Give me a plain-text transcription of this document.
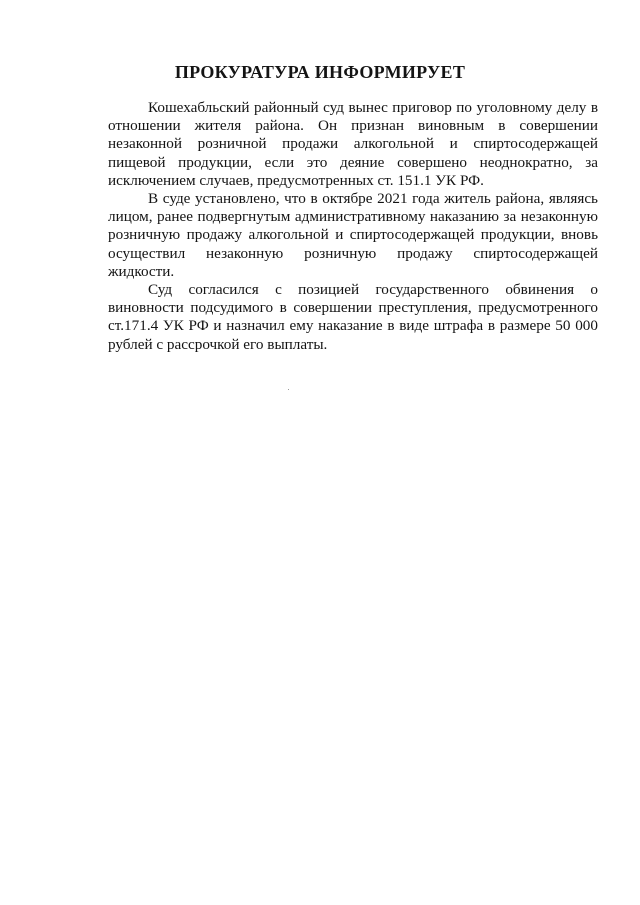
ПРОКУРАТУРА ИНФОРМИРУЕТ

Кошехабльский районный суд вынес приговор по уголовному делу в отношении жителя района. Он признан виновным в совершении незаконной розничной продажи алкогольной и спиртосодержащей пищевой продукции, если это деяние совершено неоднократно, за исключением случаев, предусмотренных ст. 151.1 УК РФ.

В суде установлено, что в октябре 2021 года житель района, являясь лицом, ранее подвергнутым административному наказанию за незаконную розничную продажу алкогольной и спиртосодержащей продукции, вновь осуществил незаконную розничную продажу спиртосодержащей жидкости.

Суд согласился с позицией государственного обвинения о виновности подсудимого в совершении преступления, предусмотренного ст.171.4 УК РФ и назначил ему наказание в виде штрафа в размере 50 000 рублей с рассрочкой его выплаты.
